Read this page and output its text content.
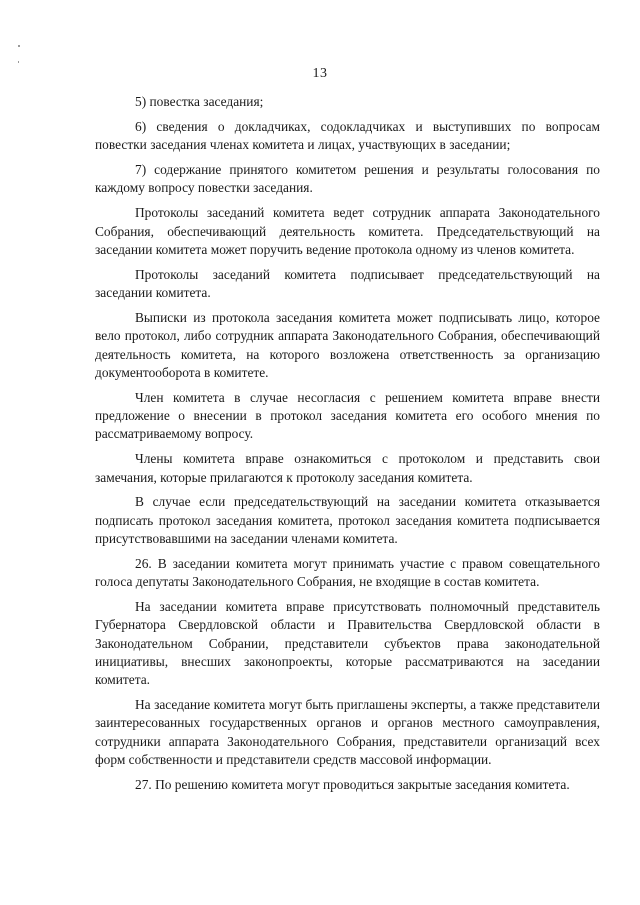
13

5) повестка заседания;

6) сведения о докладчиках, содокладчиках и выступивших по вопросам повестки заседания членах комитета и лицах, участвующих в заседании;

7) содержание принятого комитетом решения и результаты голосования по каждому вопросу повестки заседания.

Протоколы заседаний комитета ведет сотрудник аппарата Законодательного Собрания, обеспечивающий деятельность комитета. Председательствующий на заседании комитета может поручить ведение протокола одному из членов комитета.

Протоколы заседаний комитета подписывает председательствующий на заседании комитета.

Выписки из протокола заседания комитета может подписывать лицо, которое вело протокол, либо сотрудник аппарата Законодательного Собрания, обеспечивающий деятельность комитета, на которого возложена ответственность за организацию документооборота в комитете.

Член комитета в случае несогласия с решением комитета вправе внести предложение о внесении в протокол заседания комитета его особого мнения по рассматриваемому вопросу.

Члены комитета вправе ознакомиться с протоколом и представить свои замечания, которые прилагаются к протоколу заседания комитета.

В случае если председательствующий на заседании комитета отказывается подписать протокол заседания комитета, протокол заседания комитета подписывается присутствовавшими на заседании членами комитета.

26. В заседании комитета могут принимать участие с правом совещательного голоса депутаты Законодательного Собрания, не входящие в состав комитета.

На заседании комитета вправе присутствовать полномочный представитель Губернатора Свердловской области и Правительства Свердловской области в Законодательном Собрании, представители субъектов права законодательной инициативы, внесших законопроекты, которые рассматриваются на заседании комитета.

На заседание комитета могут быть приглашены эксперты, а также представители заинтересованных государственных органов и органов местного самоуправления, сотрудники аппарата Законодательного Собрания, представители организаций всех форм собственности и представители средств массовой информации.

27. По решению комитета могут проводиться закрытые заседания комитета.
